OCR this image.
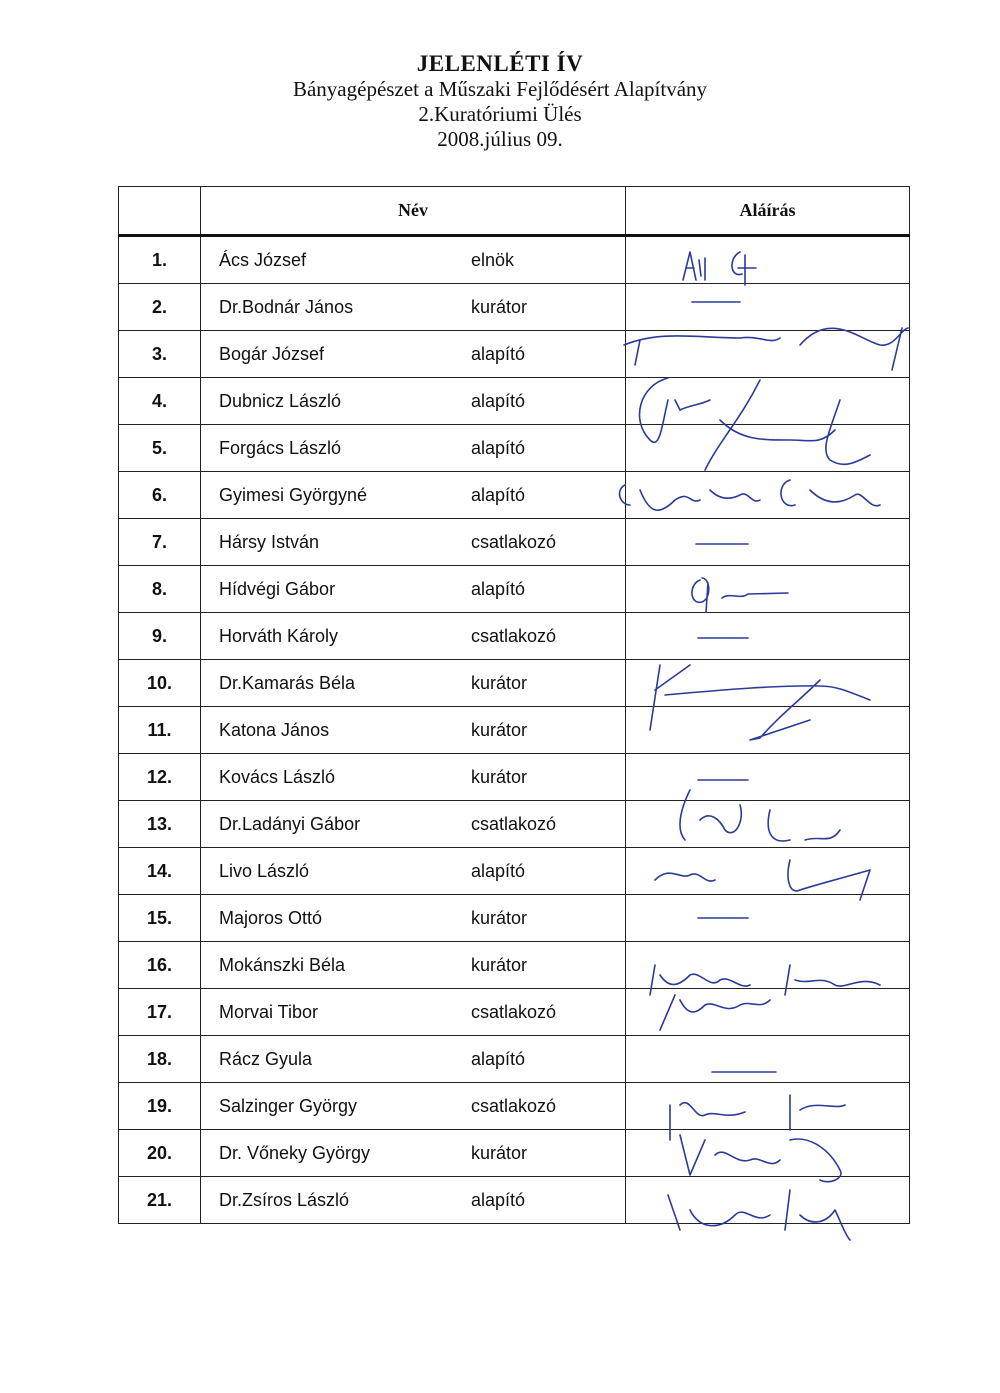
JELENLÉTI ÍV
Bányagépészet a Műszaki Fejlődésért Alapítvány
2.Kuratóriumi Ülés
2008.július 09.
	Név	Aláírás
1.	Ács József elnök	

2.	Dr.Bodnár János kurátor	

3.	Bogár József alapító	

4.	Dubnicz László alapító	

5.	Forgács László alapító	

6.	Gyimesi Györgyné alapító	

7.	Hársy István csatlakozó	

8.	Hídvégi Gábor alapító	

9.	Horváth Károly csatlakozó	

10.	Dr.Kamarás Béla kurátor	

11.	Katona János kurátor	

12.	Kovács László kurátor	

13.	Dr.Ladányi Gábor csatlakozó	

14.	Livo László alapító	

15.	Majoros Ottó kurátor	

16.	Mokánszki Béla kurátor	

17.	Morvai Tibor csatlakozó	

18.	Rácz Gyula alapító	

19.	Salzinger György csatlakozó	

20.	Dr. Vőneky György kurátor	

21.	Dr.Zsíros László alapító	
